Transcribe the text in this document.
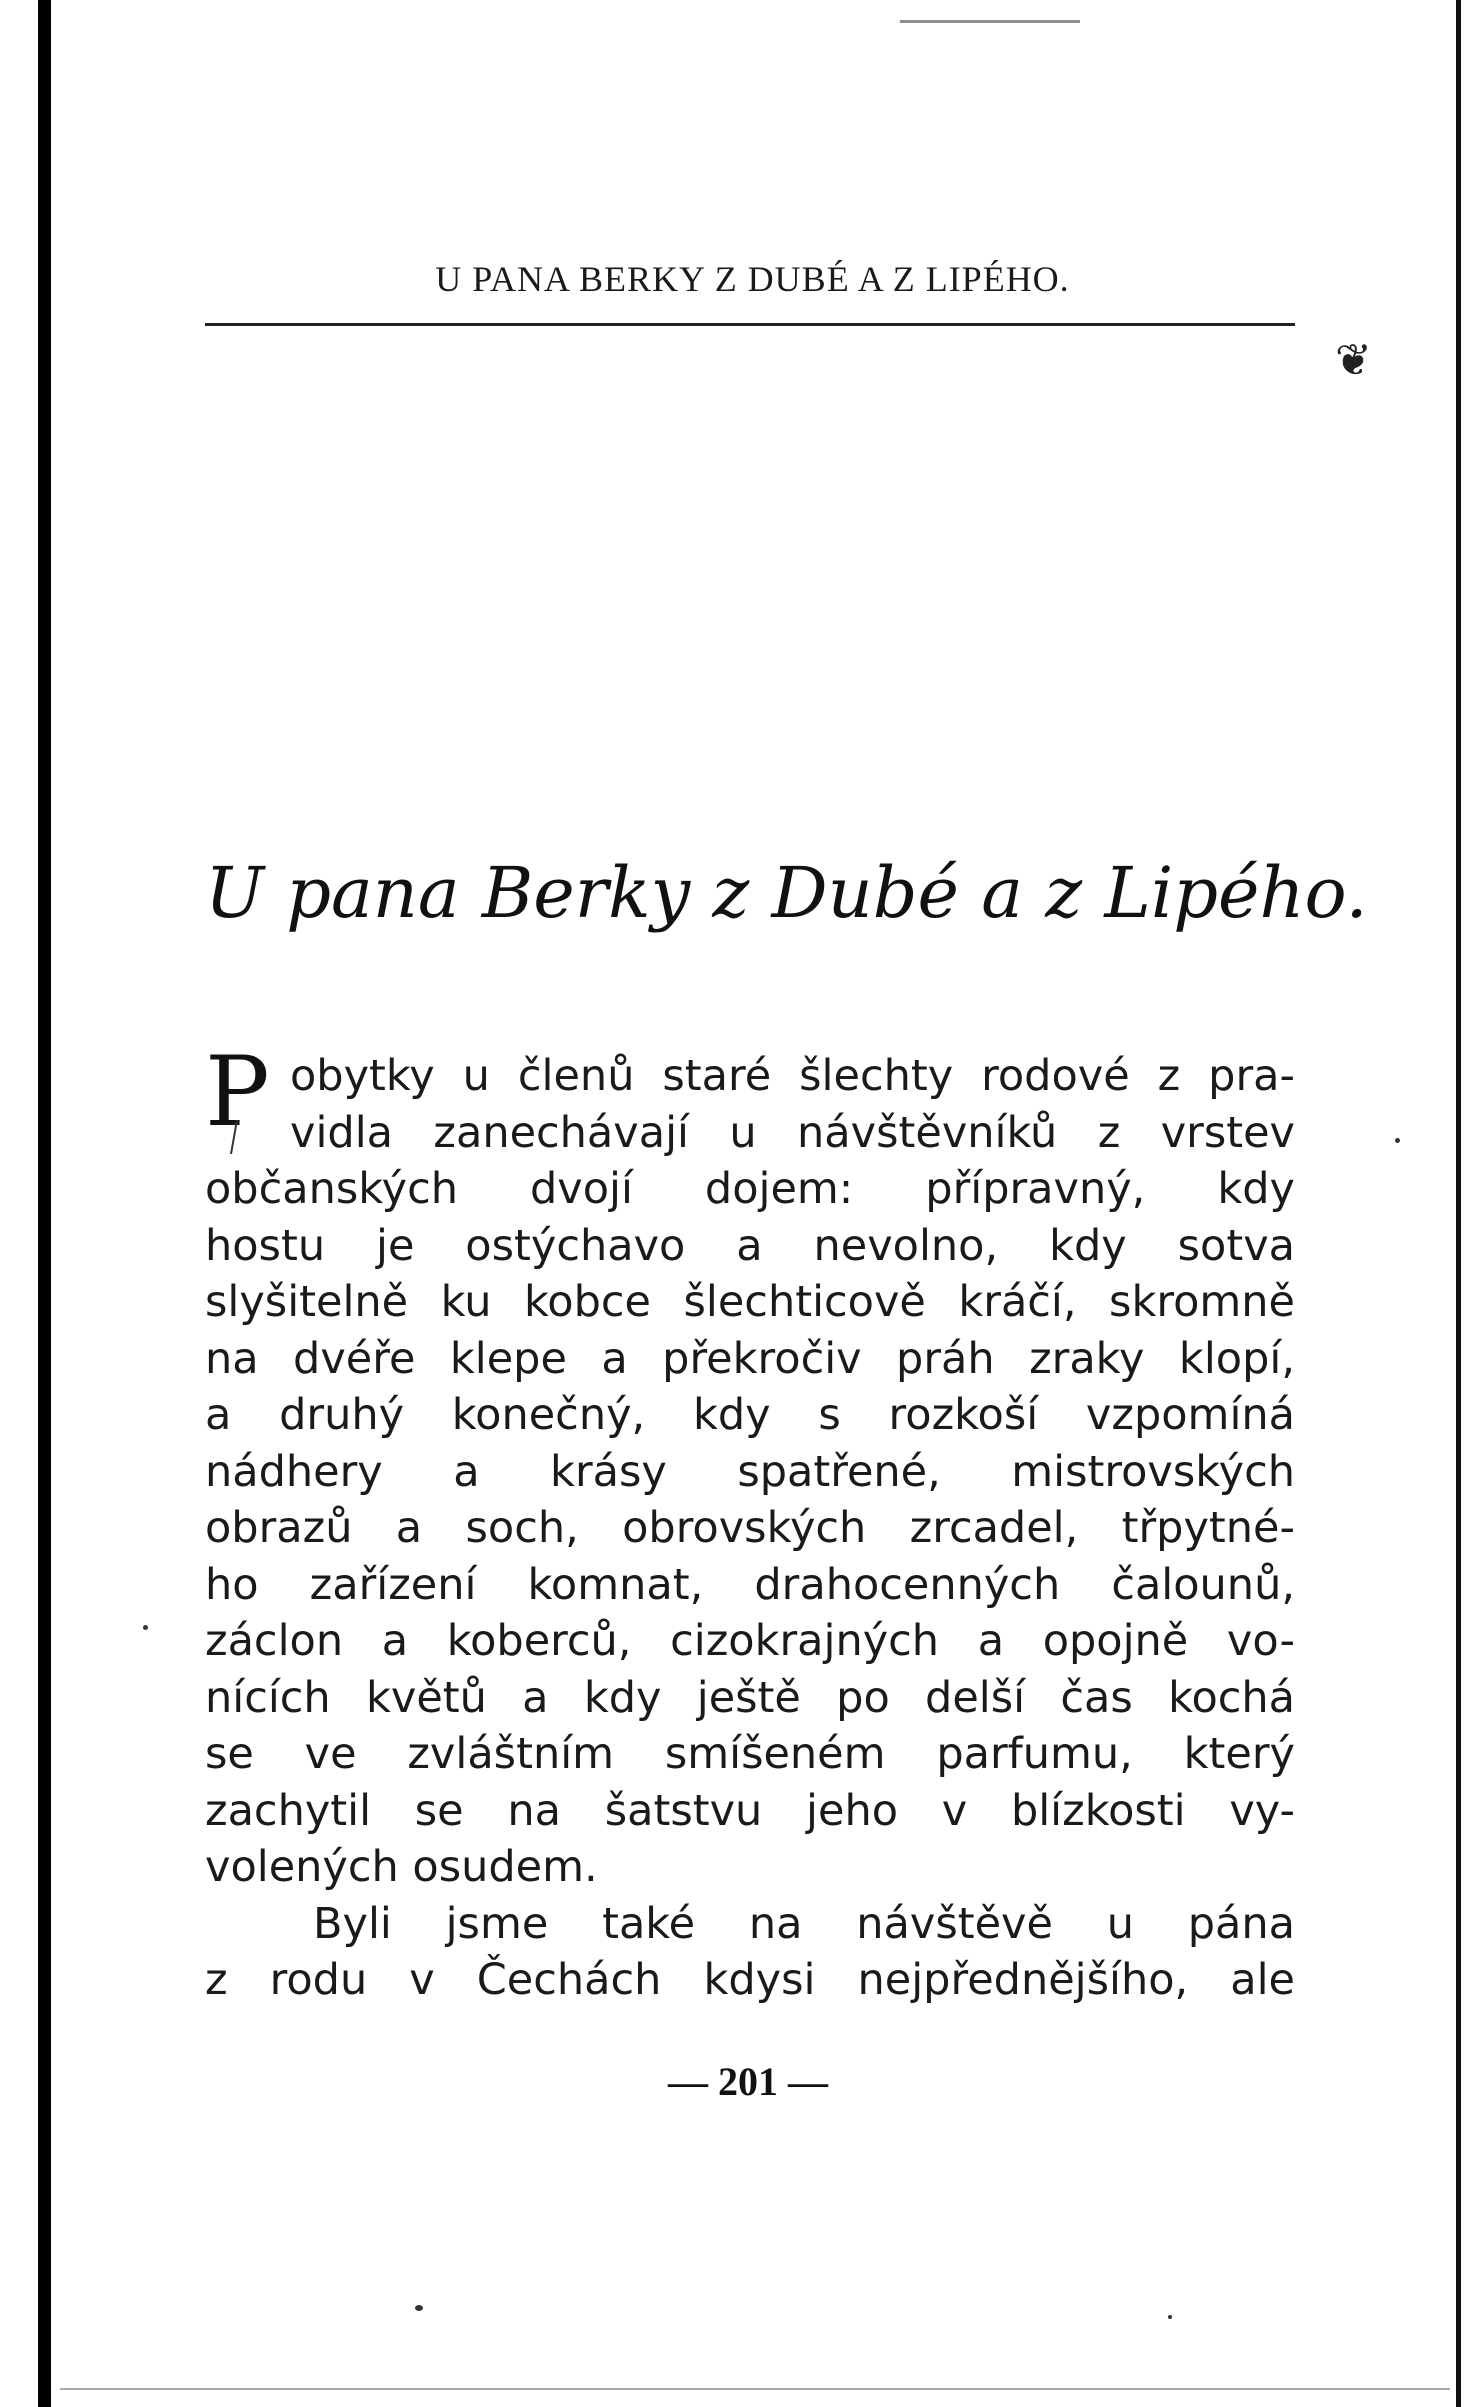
U PANA BERKY Z DUBÉ A Z LIPÉHO.
❦
U pana Berky z Dubé a z Lipého.
P obytky u členů staré šlechty rodové z pra-
vidla zanechávají u návštěvníků z vrstev
občanských dvojí dojem: přípravný, kdy
hostu je ostýchavo a nevolno, kdy sotva
slyšitelně ku kobce šlechticově kráčí, skromně
na dvéře klepe a překročiv práh zraky klopí,
a druhý konečný, kdy s rozkoší vzpomíná
nádhery a krásy spatřené, mistrovských
obrazů a soch, obrovských zrcadel, třpytné-
ho zařízení komnat, drahocenných čalounů,
záclon a koberců, cizokrajných a opojně vo-
nících květů a kdy ještě po delší čas kochá
se ve zvláštním smíšeném parfumu, který
zachytil se na šatstvu jeho v blízkosti vy-
volených osudem.
Byli jsme také na návštěvě u pána
z rodu v Čechách kdysi nejpřednějšího, ale
— 201 —
